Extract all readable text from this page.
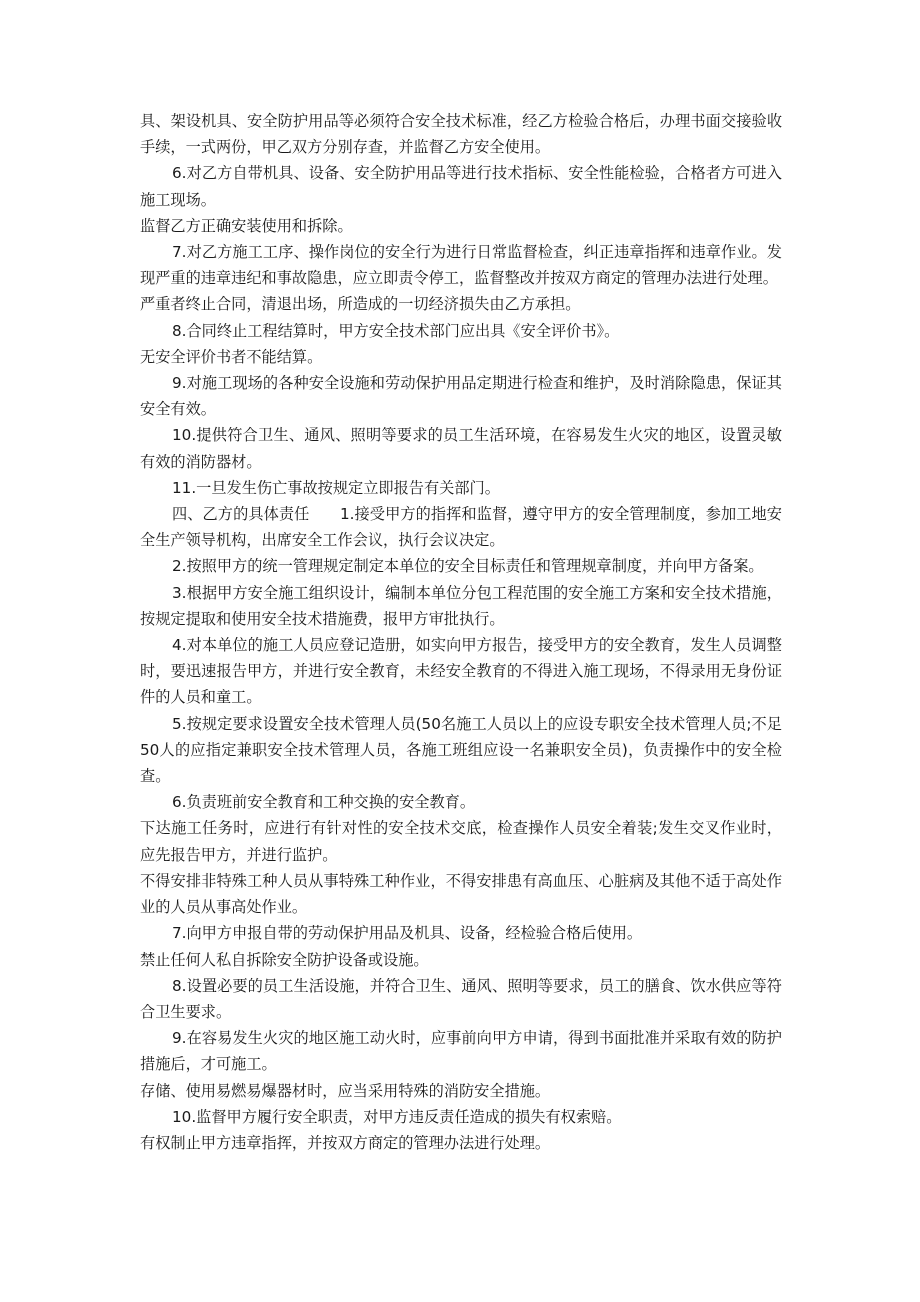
具、架设机具、安全防护用品等必须符合安全技术标准，经乙方检验合格后，办理书面交接验收手续，一式两份，甲乙双方分别存查，并监督乙方安全使用。

6.对乙方自带机具、设备、安全防护用品等进行技术指标、安全性能检验，合格者方可进入施工现场。

监督乙方正确安装使用和拆除。

7.对乙方施工工序、操作岗位的安全行为进行日常监督检查，纠正违章指挥和违章作业。发现严重的违章违纪和事故隐患，应立即责令停工，监督整改并按双方商定的管理办法进行处理。

严重者终止合同，清退出场，所造成的一切经济损失由乙方承担。

8.合同终止工程结算时，甲方安全技术部门应出具《安全评价书》。

无安全评价书者不能结算。

9.对施工现场的各种安全设施和劳动保护用品定期进行检查和维护，及时消除隐患，保证其安全有效。

10.提供符合卫生、通风、照明等要求的员工生活环境，在容易发生火灾的地区，设置灵敏有效的消防器材。

11.一旦发生伤亡事故按规定立即报告有关部门。

四、乙方的具体责任　　1.接受甲方的指挥和监督，遵守甲方的安全管理制度，参加工地安全生产领导机构，出席安全工作会议，执行会议决定。

2.按照甲方的统一管理规定制定本单位的安全目标责任和管理规章制度，并向甲方备案。

3.根据甲方安全施工组织设计，编制本单位分包工程范围的安全施工方案和安全技术措施，按规定提取和使用安全技术措施费，报甲方审批执行。

4.对本单位的施工人员应登记造册，如实向甲方报告，接受甲方的安全教育，发生人员调整时，要迅速报告甲方，并进行安全教育，未经安全教育的不得进入施工现场，不得录用无身份证件的人员和童工。

5.按规定要求设置安全技术管理人员(50名施工人员以上的应设专职安全技术管理人员;不足50人的应指定兼职安全技术管理人员，各施工班组应设一名兼职安全员)，负责操作中的安全检查。

6.负责班前安全教育和工种交换的安全教育。

下达施工任务时，应进行有针对性的安全技术交底，检查操作人员安全着装;发生交叉作业时，应先报告甲方，并进行监护。

不得安排非特殊工种人员从事特殊工种作业，不得安排患有高血压、心脏病及其他不适于高处作业的人员从事高处作业。

7.向甲方申报自带的劳动保护用品及机具、设备，经检验合格后使用。

禁止任何人私自拆除安全防护设备或设施。

8.设置必要的员工生活设施，并符合卫生、通风、照明等要求，员工的膳食、饮水供应等符合卫生要求。

9.在容易发生火灾的地区施工动火时，应事前向甲方申请，得到书面批准并采取有效的防护措施后，才可施工。

存储、使用易燃易爆器材时，应当采用特殊的消防安全措施。

10.监督甲方履行安全职责，对甲方违反责任造成的损失有权索赔。

有权制止甲方违章指挥，并按双方商定的管理办法进行处理。
